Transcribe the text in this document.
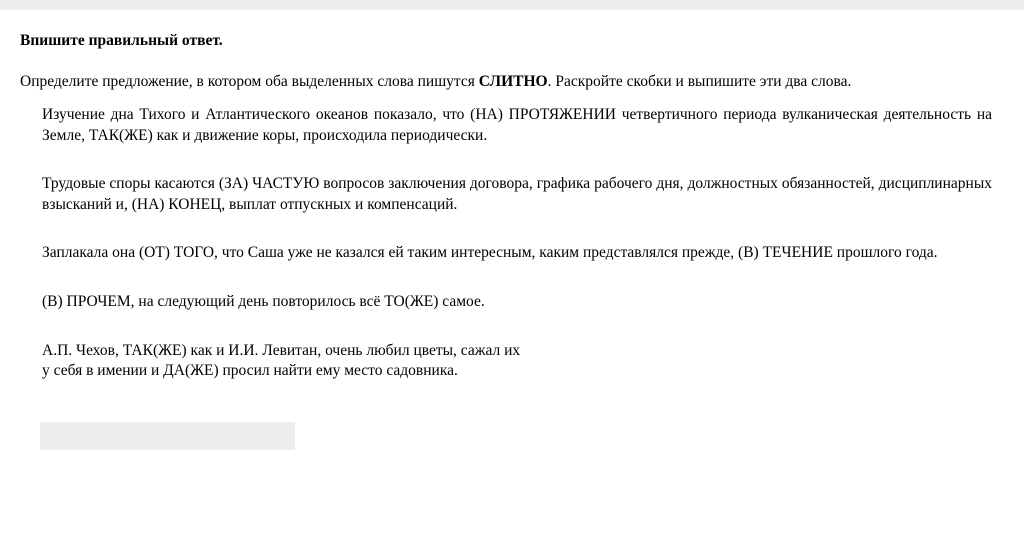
Впишите правильный ответ.
Определите предложение, в котором оба выделенных слова пишутся СЛИТНО. Раскройте скобки и выпишите эти два слова.

Изучение дна Тихого и Атлантического океанов показало, что (НА) ПРОТЯЖЕНИИ четвертичного периода вулканическая деятельность на Земле, ТАК(ЖЕ) как и движение коры, происходила периодически.

Трудовые споры касаются (ЗА) ЧАСТУЮ вопросов заключения договора, графика рабочего дня, должностных обязанностей, дисциплинарных взысканий и, (НА) КОНЕЦ, выплат отпускных и компенсаций.

Заплакала она (ОТ) ТОГО, что Саша уже не казался ей таким интересным, каким представлялся прежде, (В) ТЕЧЕНИЕ прошлого года.

(В) ПРОЧЕМ, на следующий день повторилось всё ТО(ЖЕ) самое.

А.П. Чехов, ТАК(ЖЕ) как и И.И. Левитан, очень любил цветы, сажал их
у себя в имении и ДА(ЖЕ) просил найти ему место садовника.
